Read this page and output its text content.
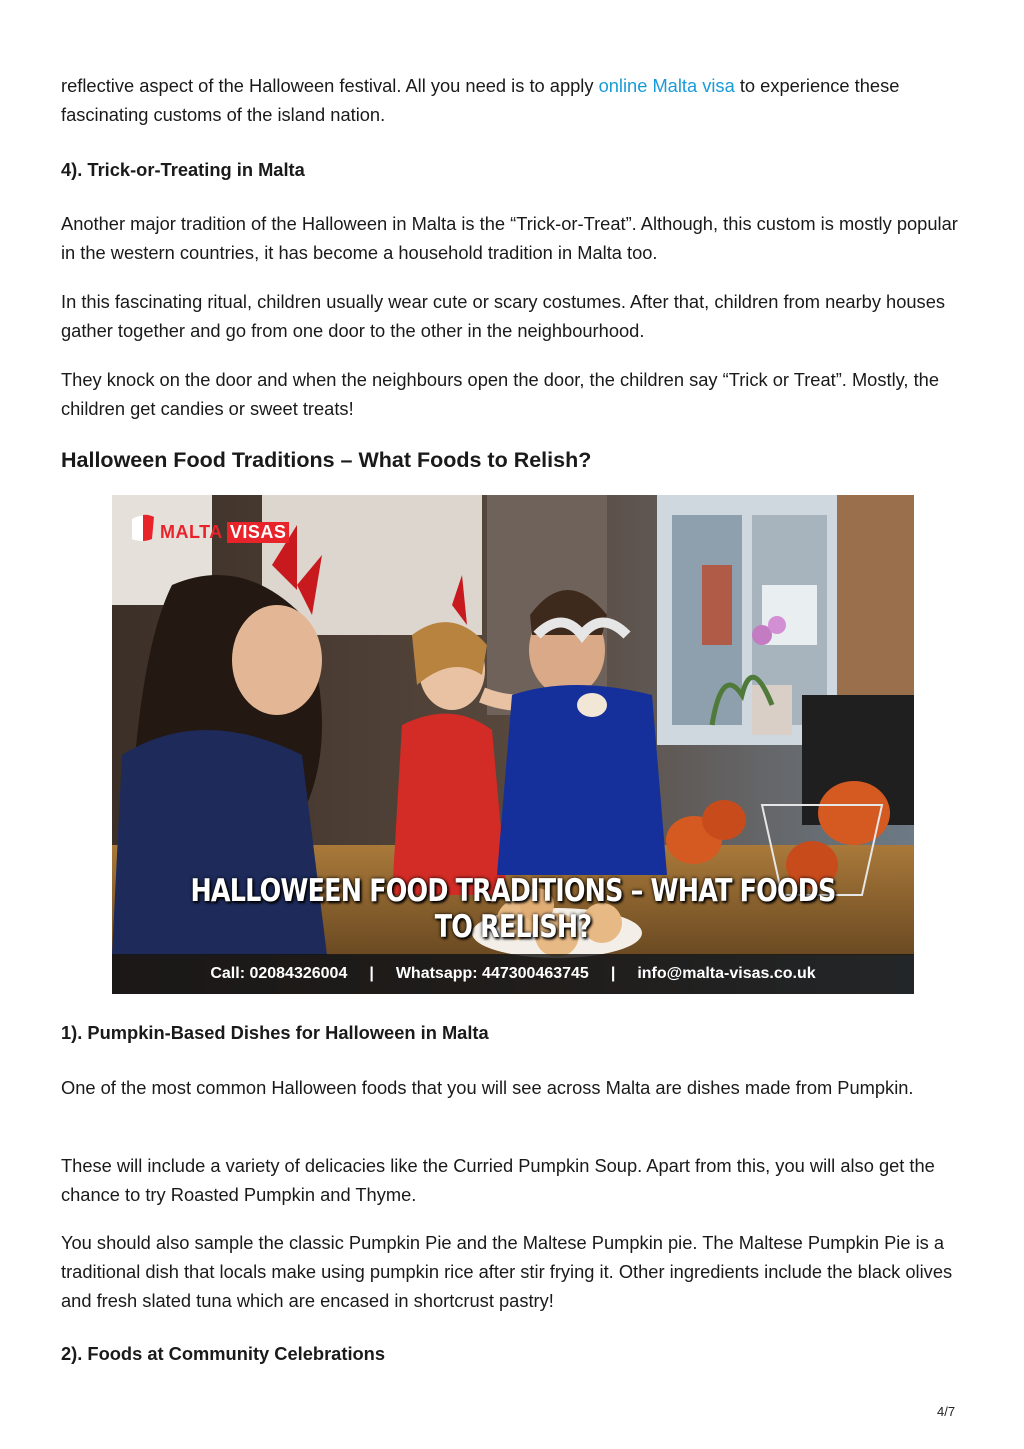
reflective aspect of the Halloween festival. All you need is to apply online Malta visa to experience these fascinating customs of the island nation.

4). Trick-or-Treating in Malta

Another major tradition of the Halloween in Malta is the “Trick-or-Treat”. Although, this custom is mostly popular in the western countries, it has become a household tradition in Malta too.

In this fascinating ritual, children usually wear cute or scary costumes. After that, children from nearby houses gather together and go from one door to the other in the neighbourhood.

They knock on the door and when the neighbours open the door, the children say “Trick or Treat”. Mostly, the children get candies or sweet treats!

Halloween Food Traditions – What Foods to Relish?
MALTA VISAS
HALLOWEEN FOOD TRADITIONS – WHAT FOODS TO RELISH?
Call: 02084326004 | Whatsapp: 447300463745 | info@malta-visas.co.uk
1). Pumpkin-Based Dishes for Halloween in Malta

One of the most common Halloween foods that you will see across Malta are dishes made from Pumpkin.

These will include a variety of delicacies like the Curried Pumpkin Soup. Apart from this, you will also get the chance to try Roasted Pumpkin and Thyme.

You should also sample the classic Pumpkin Pie and the Maltese Pumpkin pie. The Maltese Pumpkin Pie is a traditional dish that locals make using pumpkin rice after stir frying it. Other ingredients include the black olives and fresh slated tuna which are encased in shortcrust pastry!

2). Foods at Community Celebrations
4/7
